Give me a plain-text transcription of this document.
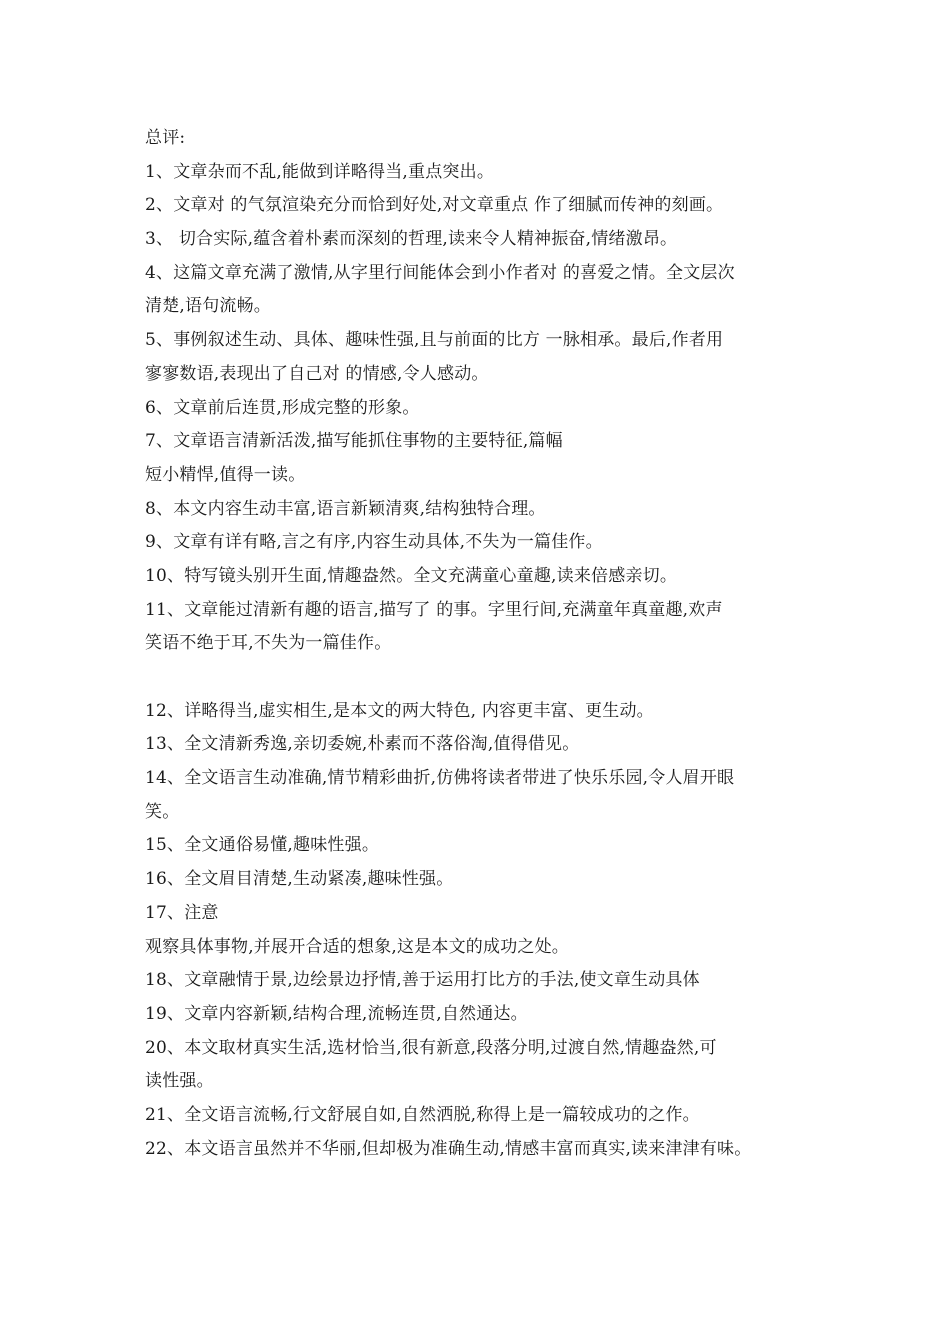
总评:
1、文章杂而不乱,能做到详略得当,重点突出。
2、文章对 的气氛渲染充分而恰到好处,对文章重点 作了细腻而传神的刻画。
3、 切合实际,蕴含着朴素而深刻的哲理,读来令人精神振奋,情绪激昂。
4、这篇文章充满了激情,从字里行间能体会到小作者对 的喜爱之情。全文层次
清楚,语句流畅。
5、事例叙述生动、具体、趣味性强,且与前面的比方 一脉相承。最后,作者用
寥寥数语,表现出了自己对 的情感,令人感动。
6、文章前后连贯,形成完整的形象。
7、文章语言清新活泼,描写能抓住事物的主要特征,篇幅
短小精悍,值得一读。
8、本文内容生动丰富,语言新颖清爽,结构独特合理。
9、文章有详有略,言之有序,内容生动具体,不失为一篇佳作。
10、特写镜头别开生面,情趣盎然。全文充满童心童趣,读来倍感亲切。
11、文章能过清新有趣的语言,描写了 的事。字里行间,充满童年真童趣,欢声
笑语不绝于耳,不失为一篇佳作。
12、详略得当,虚实相生,是本文的两大特色, 内容更丰富、更生动。
13、全文清新秀逸,亲切委婉,朴素而不落俗淘,值得借见。
14、全文语言生动准确,情节精彩曲折,仿佛将读者带进了快乐乐园,令人眉开眼
笑。
15、全文通俗易懂,趣味性强。
16、全文眉目清楚,生动紧凑,趣味性强。
17、注意
观察具体事物,并展开合适的想象,这是本文的成功之处。
18、文章融情于景,边绘景边抒情,善于运用打比方的手法,使文章生动具体
19、文章内容新颖,结构合理,流畅连贯,自然通达。
20、本文取材真实生活,选材恰当,很有新意,段落分明,过渡自然,情趣盎然,可
读性强。
21、全文语言流畅,行文舒展自如,自然洒脱,称得上是一篇较成功的之作。
22、本文语言虽然并不华丽,但却极为准确生动,情感丰富而真实,读来津津有味。
